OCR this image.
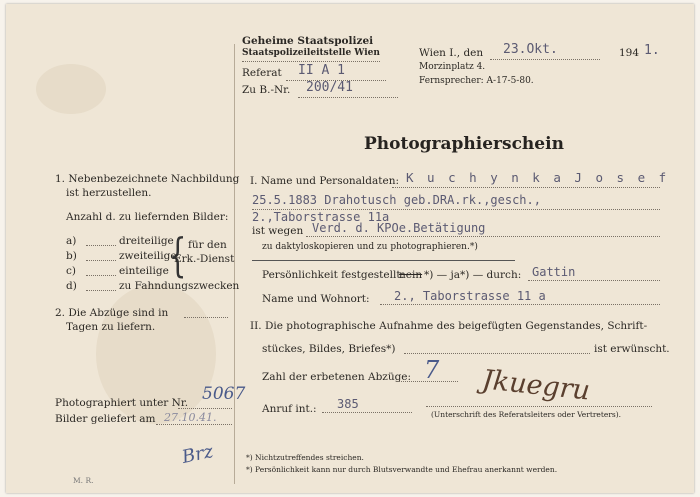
Geheime Staatspolizei
Staatspolizeileitstelle Wien
Referat II A 1
Zu B.-Nr. 200/41
Wien I., den 23.Okt.	194 1.
Morzinplatz 4.
Fernsprecher: A-17-5-80.
Photographierschein
1. Nebenbezeichnete Nachbildung
ist herzustellen.
Anzahl d. zu liefernden Bilder:
a)	dreiteilige
b)	zweiteilige
c)	einteilige { für den
Erk.-Dienst
d)	zu Fahndungszwecken
2. Die Abzüge sind in
Tagen zu liefern.
Photographiert unter Nr. 5067
Bilder geliefert am 27.10.41.
Brz
M. R.
I. Name und Personaldaten: K u c h y n k a J o s e f
25.5.1883 Drahotusch geb.DRA.rk.,gesch.,
2.,Taborstrasse 11a
ist wegen Verd. d. KPOe.Betätigung
zu daktyloskopieren und zu photographieren.*)
Persönlichkeit festgestellt:
nein *) — ja*) — durch: Gattin
Name und Wohnort: 2., Taborstrasse 11 a
II. Die photographische Aufnahme des beigefügten Gegenstandes, Schrift-
stückes, Bildes, Briefes*)	ist erwünscht.
Zahl der erbetenen Abzüge: 7
Anruf int.: 385	Jkuegru
(Unterschrift des Referatsleiters oder Vertreters).
*) Nichtzutreffendes streichen.
*) Persönlichkeit kann nur durch Blutsverwandte und Ehefrau anerkannt werden.
